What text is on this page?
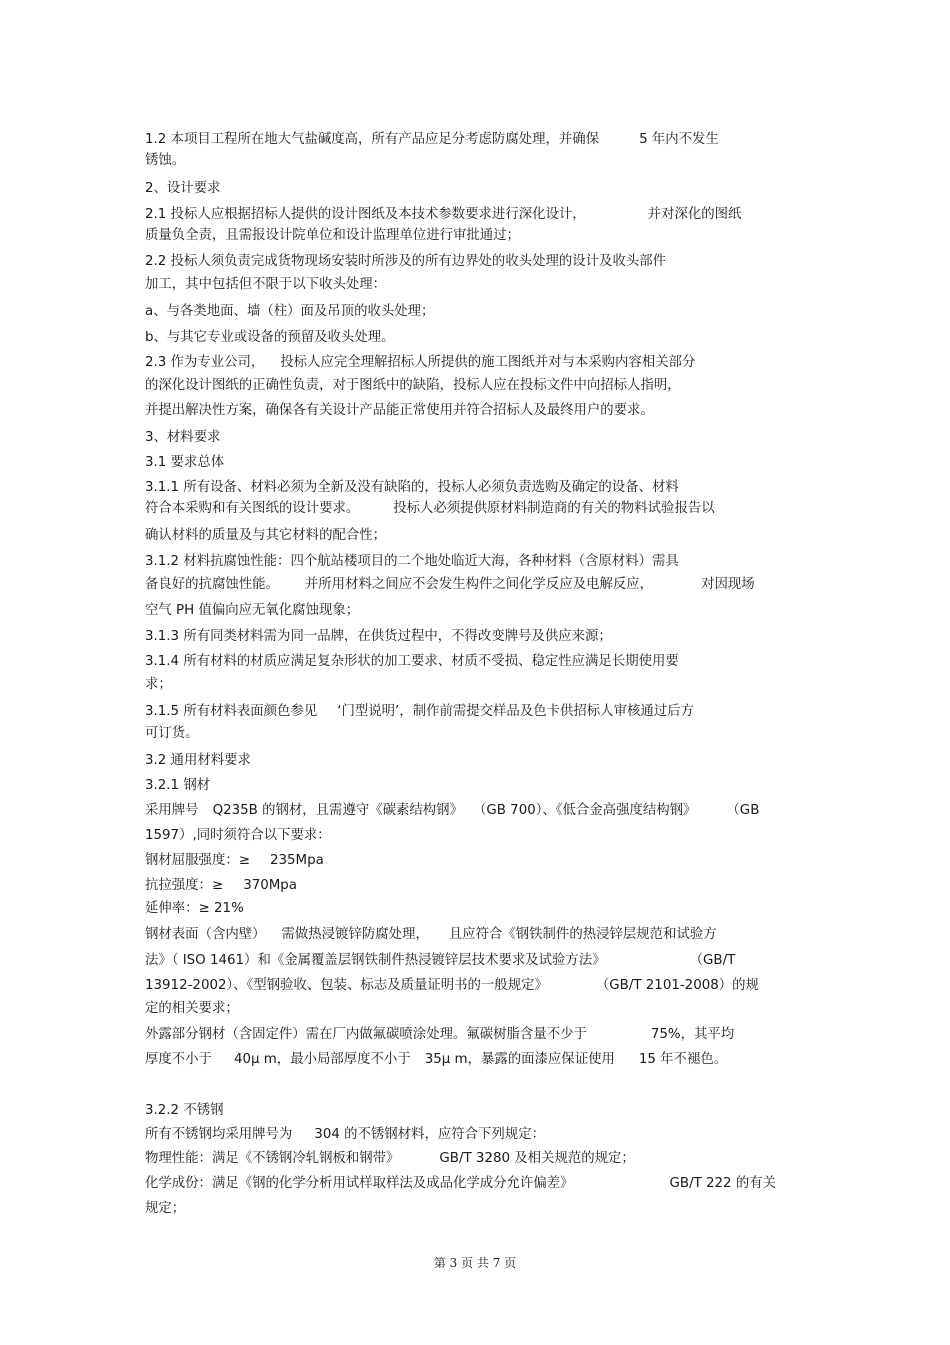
1.2 本项目工程所在地大气盐碱度高，所有产品应足分考虑防腐处理，并确保	5 年内不发生
锈蚀。
2、设计要求
2.1 投标人应根据招标人提供的设计图纸及本技术参数要求进行深化设计，	并对深化的图纸
质量负全责，且需报设计院单位和设计监理单位进行审批通过；
2.2 投标人须负责完成货物现场安装时所涉及的所有边界处的收头处理的设计及收头部件
加工，其中包括但不限于以下收头处理：
a、与各类地面、墙（柱）面及吊顶的收头处理；
b、与其它专业或设备的预留及收头处理。
2.3 作为专业公司， 投标人应完全理解招标人所提供的施工图纸并对与本采购内容相关部分
的深化设计图纸的正确性负责，对于图纸中的缺陷，投标人应在投标文件中向招标人指明，
并提出解决性方案，确保各有关设计产品能正常使用并符合招标人及最终用户的要求。
3、材料要求
3.1 要求总体
3.1.1 所有设备、材料必须为全新及没有缺陷的，投标人必须负责选购及确定的设备、材料
符合本采购和有关图纸的设计要求。	投标人必须提供原材料制造商的有关的物料试验报告以
确认材料的质量及与其它材料的配合性；
3.1.2 材料抗腐蚀性能：四个航站楼项目的二个地处临近大海，各种材料（含原材料）需具
备良好的抗腐蚀性能。 并所用材料之间应不会发生构件之间化学反应及电解反应，	对因现场
空气 PH 值偏向应无氧化腐蚀现象；
3.1.3 所有同类材料需为同一品牌，在供货过程中，不得改变牌号及供应来源；
3.1.4 所有材料的材质应满足复杂形状的加工要求、材质不受损、稳定性应满足长期使用要
求；
3.1.5 所有材料表面颜色参见 ‘门型说明’，制作前需提交样品及色卡供招标人审核通过后方
可订货。
3.2 通用材料要求
3.2.1 钢材
采用牌号 Q235B 的钢材，且需遵守《碳素结构钢》 （GB 700）、《低合金高强度结构钢》 （GB
1597）,同时须符合以下要求：
钢材屈服强度：≥ 235Mpa
抗拉强度：≥ 370Mpa
延伸率：≥ 21%
钢材表面（含内壁） 需做热浸镀锌防腐处理， 且应符合《钢铁制件的热浸锌层规范和试验方
法》（ ISO 1461）和《金属覆盖层钢铁制件热浸镀锌层技术要求及试验方法》	（GB/T
13912-2002）、《型钢验收、包装、标志及质量证明书的一般规定》	（GB/T 2101-2008）的规
定的相关要求；
外露部分钢材（含固定件）需在厂内做氟碳喷涂处理。氟碳树脂含量不少于	75%，其平均
厚度不小于 40μ m，最小局部厚度不小于 35μ m，暴露的面漆应保证使用 15 年不褪色。
3.2.2 不锈钢
所有不锈钢均采用牌号为 304 的不锈钢材料，应符合下列规定：
物理性能：满足《不锈钢冷轧钢板和钢带》	GB/T 3280 及相关规范的规定；
化学成份：满足《钢的化学分析用试样取样法及成品化学成分允许偏差》	GB/T 222 的有关
规定；
第 3 页 共 7 页
